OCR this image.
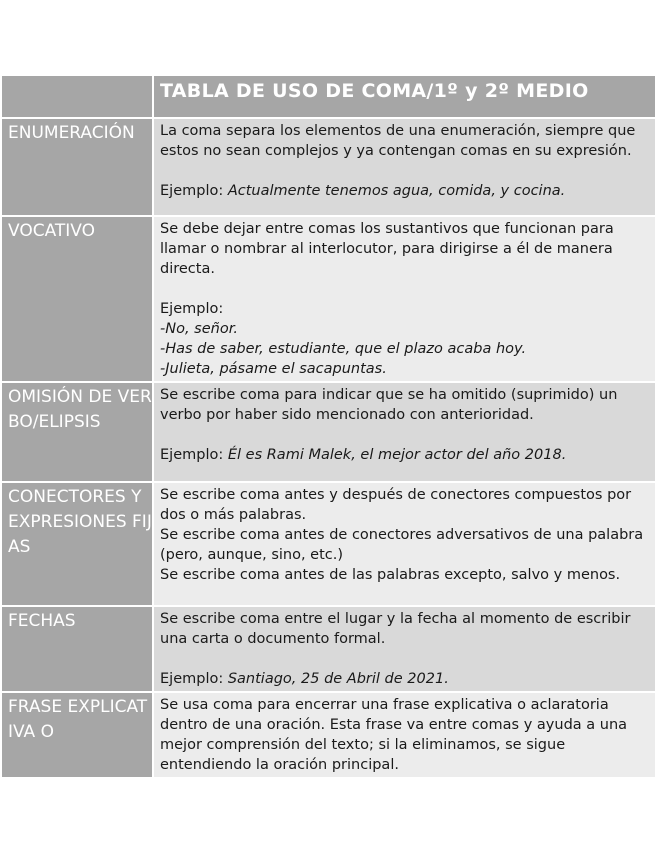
	TABLA DE USO DE COMA/1º y 2º MEDIO
ENUMERACIÓN	La coma separa los elementos de una enumeración, siempre que estos no sean complejos y ya contengan comas en su expresión.
Ejemplo: Actualmente tenemos agua, comida, y cocina.
VOCATIVO	Se debe dejar entre comas los sustantivos que funcionan para llamar o nombrar al interlocutor, para dirigirse a él de manera directa.
Ejemplo:
-No, señor.
-Has de saber, estudiante, que el plazo acaba hoy.
-Julieta, pásame el sacapuntas.

OMISIÓN DE VERBO/ELIPSIS	Se escribe coma para indicar que se ha omitido (suprimido) un verbo por haber sido mencionado con anterioridad.
Ejemplo: Él es Rami Malek, el mejor actor del año 2018.
CONECTORES Y EXPRESIONES FIJAS	Se escribe coma antes y después de conectores compuestos por dos o más palabras.
Se escribe coma antes de conectores adversativos de una palabra (pero, aunque, sino, etc.)
Se escribe coma antes de las palabras excepto, salvo y menos.

FECHAS	Se escribe coma entre el lugar y la fecha al momento de escribir una carta o documento formal.
Ejemplo: Santiago, 25 de Abril de 2021.
FRASE EXPLICATIVA O	Se usa coma para encerrar una frase explicativa o aclaratoria dentro de una oración. Esta frase va entre comas y ayuda a una mejor comprensión del texto; si la eliminamos, se sigue entendiendo la oración principal.
